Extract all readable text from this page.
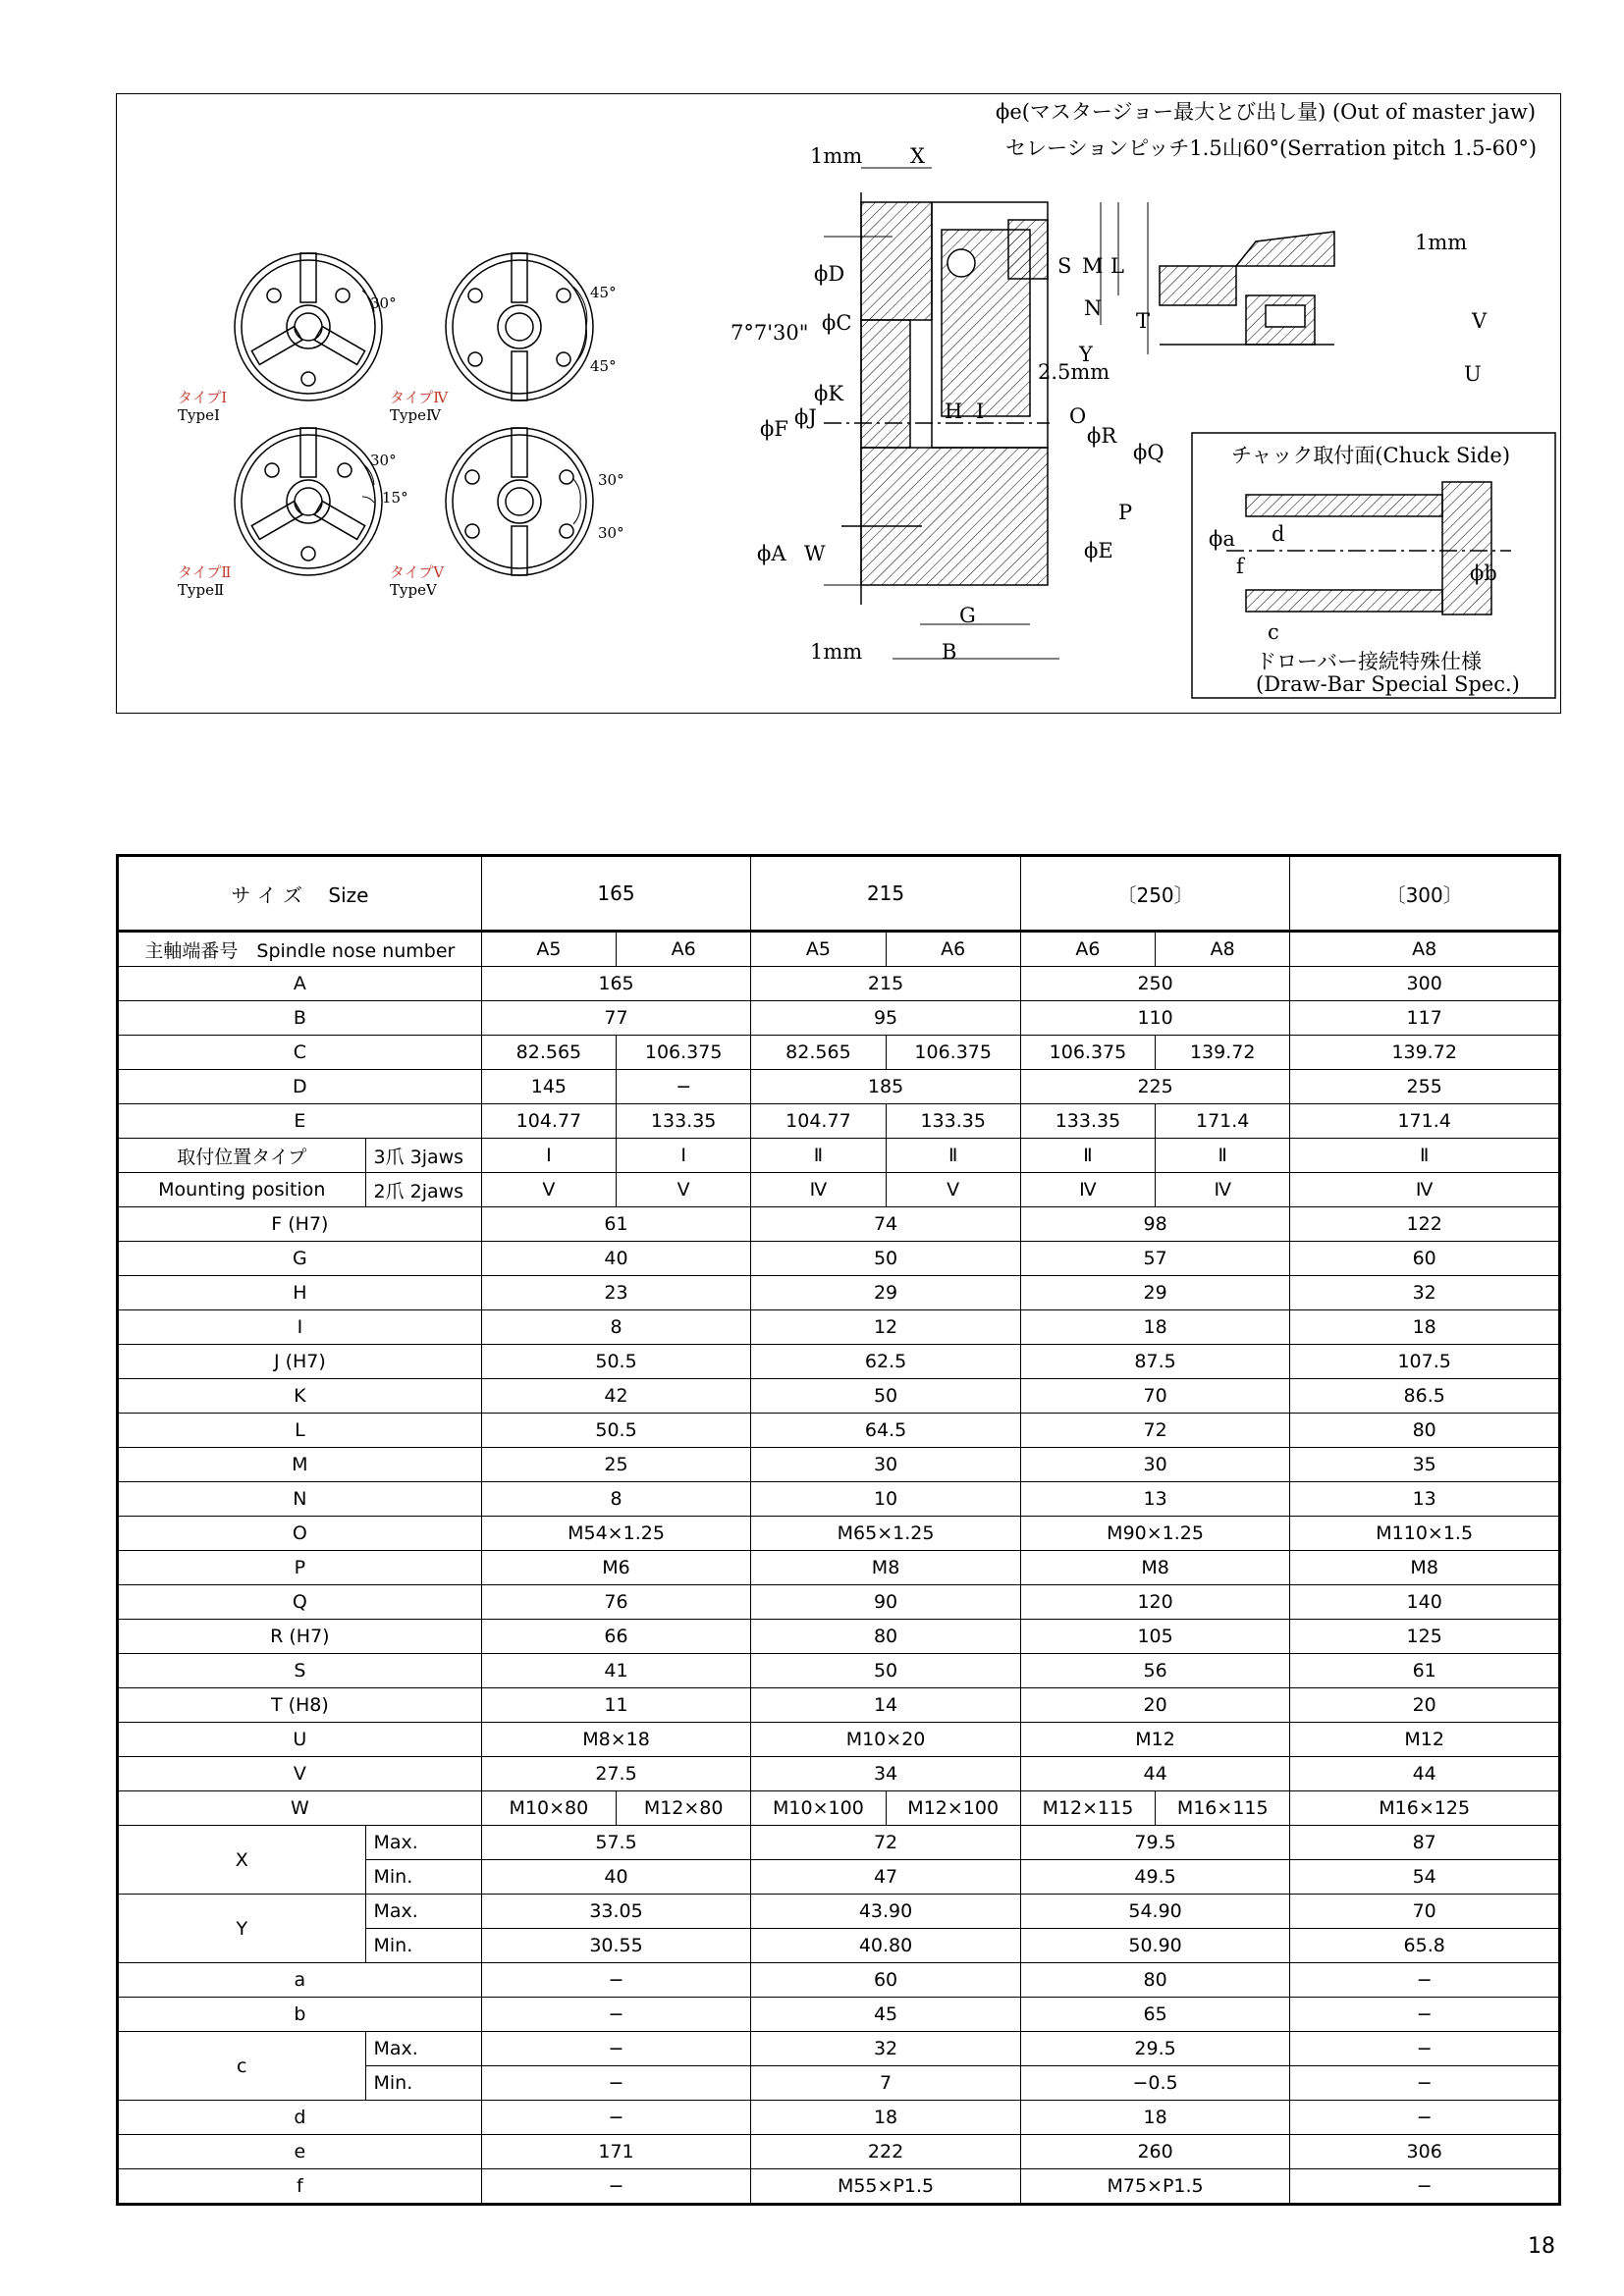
30°
45°
45°
30°
15°
30°
30°
タイプⅠ
TypeⅠ
タイプⅣ
TypeⅣ
タイプⅡ
TypeⅡ
タイプⅤ
TypeⅤ
1mm X
ϕD
7°7'30" ϕC
ϕK
ϕF ϕJ
ϕA W
S M L
N
Y
2.5mm
H I	O
ϕR
ϕQ
P
ϕE
G
1mm	B
ϕe(マスタージョー最大とび出し量) (Out of master jaw)
セレーションピッチ1.5山60°(Serration pitch 1.5-60°)
1mm
T	V
U
チャック取付面(Chuck Side)
ϕa d
f
c
ϕb
ドローバー接続特殊仕様
(Draw-Bar Special Spec.)
サ イ ズ 　Size		165		215		〔250〕		〔300〕
主軸端番号　Spindle nose number		A5	A6	A5	A6	A6	A8	A8
A		165		215		250		300
B		77		95		110		117
C		82.565	106.375	82.565	106.375	106.375	139.72	139.72
D		145	−	185		225		255
E		104.77	133.35	104.77	133.35	133.35	171.4	171.4
取付位置タイプ	3爪 3jaws	Ⅰ	Ⅰ	Ⅱ	Ⅱ	Ⅱ	Ⅱ	Ⅱ
Mounting position	2爪 2jaws	Ⅴ	Ⅴ	Ⅳ	Ⅴ	Ⅳ	Ⅳ	Ⅳ
F (H7)		61		74		98		122
G		40		50		57		60
H		23		29		29		32
I		8		12		18		18
J (H7)		50.5		62.5		87.5		107.5
K		42		50		70		86.5
L		50.5		64.5		72		80
M		25		30		30		35
N		8		10		13		13
O		M54×1.25		M65×1.25		M90×1.25		M110×1.5
P		M6		M8		M8		M8
Q		76		90		120		140
R (H7)		66		80		105		125
S		41		50		56		61
T (H8)		11		14		20		20
U		M8×18		M10×20		M12		M12
V		27.5		34		44		44
W		M10×80	M12×80	M10×100	M12×100	M12×115	M16×115	M16×125
X	Max.	57.5		72		79.5		87
	Min.	40		47		49.5		54
Y	Max.	33.05		43.90		54.90		70
	Min.	30.55		40.80		50.90		65.8
a		−		60		80		−
b		−		45		65		−
c	Max.	−		32		29.5		−
	Min.	−		7		−0.5		−
d		−		18		18		−
e		171		222		260		306
f		−		M55×P1.5		M75×P1.5		−
18
